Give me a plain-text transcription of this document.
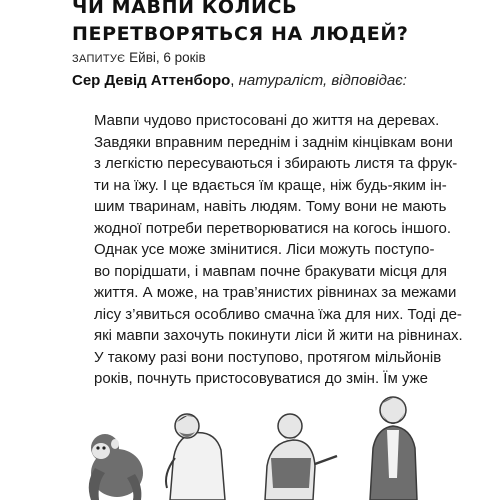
ЧИ МАВПИ КОЛИСЬ
ПЕРЕТВОРЯТЬСЯ НА ЛЮДЕЙ?
ЗАПИТУЄ Ейві, 6 років
Сер Девід Аттенборо, натураліст, відповідає:

Мавпи чудово пристосовані до життя на деревах.
Завдяки вправним переднім і заднім кінцівкам вони
з легкістю пересуваються і збирають листя та фрук-
ти на їжу. І це вдається їм краще, ніж будь-яким ін-
шим тваринам, навіть людям. Тому вони не мають
жодної потреби перетворюватися на когось іншого.

Однак усе може змінитися. Ліси можуть поступо-
во порідшати, і мавпам почне бракувати місця для
життя. А може, на трав’янистих рівнинах за межами
лісу з’явиться особливо смачна їжа для них. Тоді де-
які мавпи захочуть покинути ліси й жити на рівнинах.
У такому разі вони поступово, протягом мільйонів
років, почнуть пристосовуватися до змін. Їм уже
